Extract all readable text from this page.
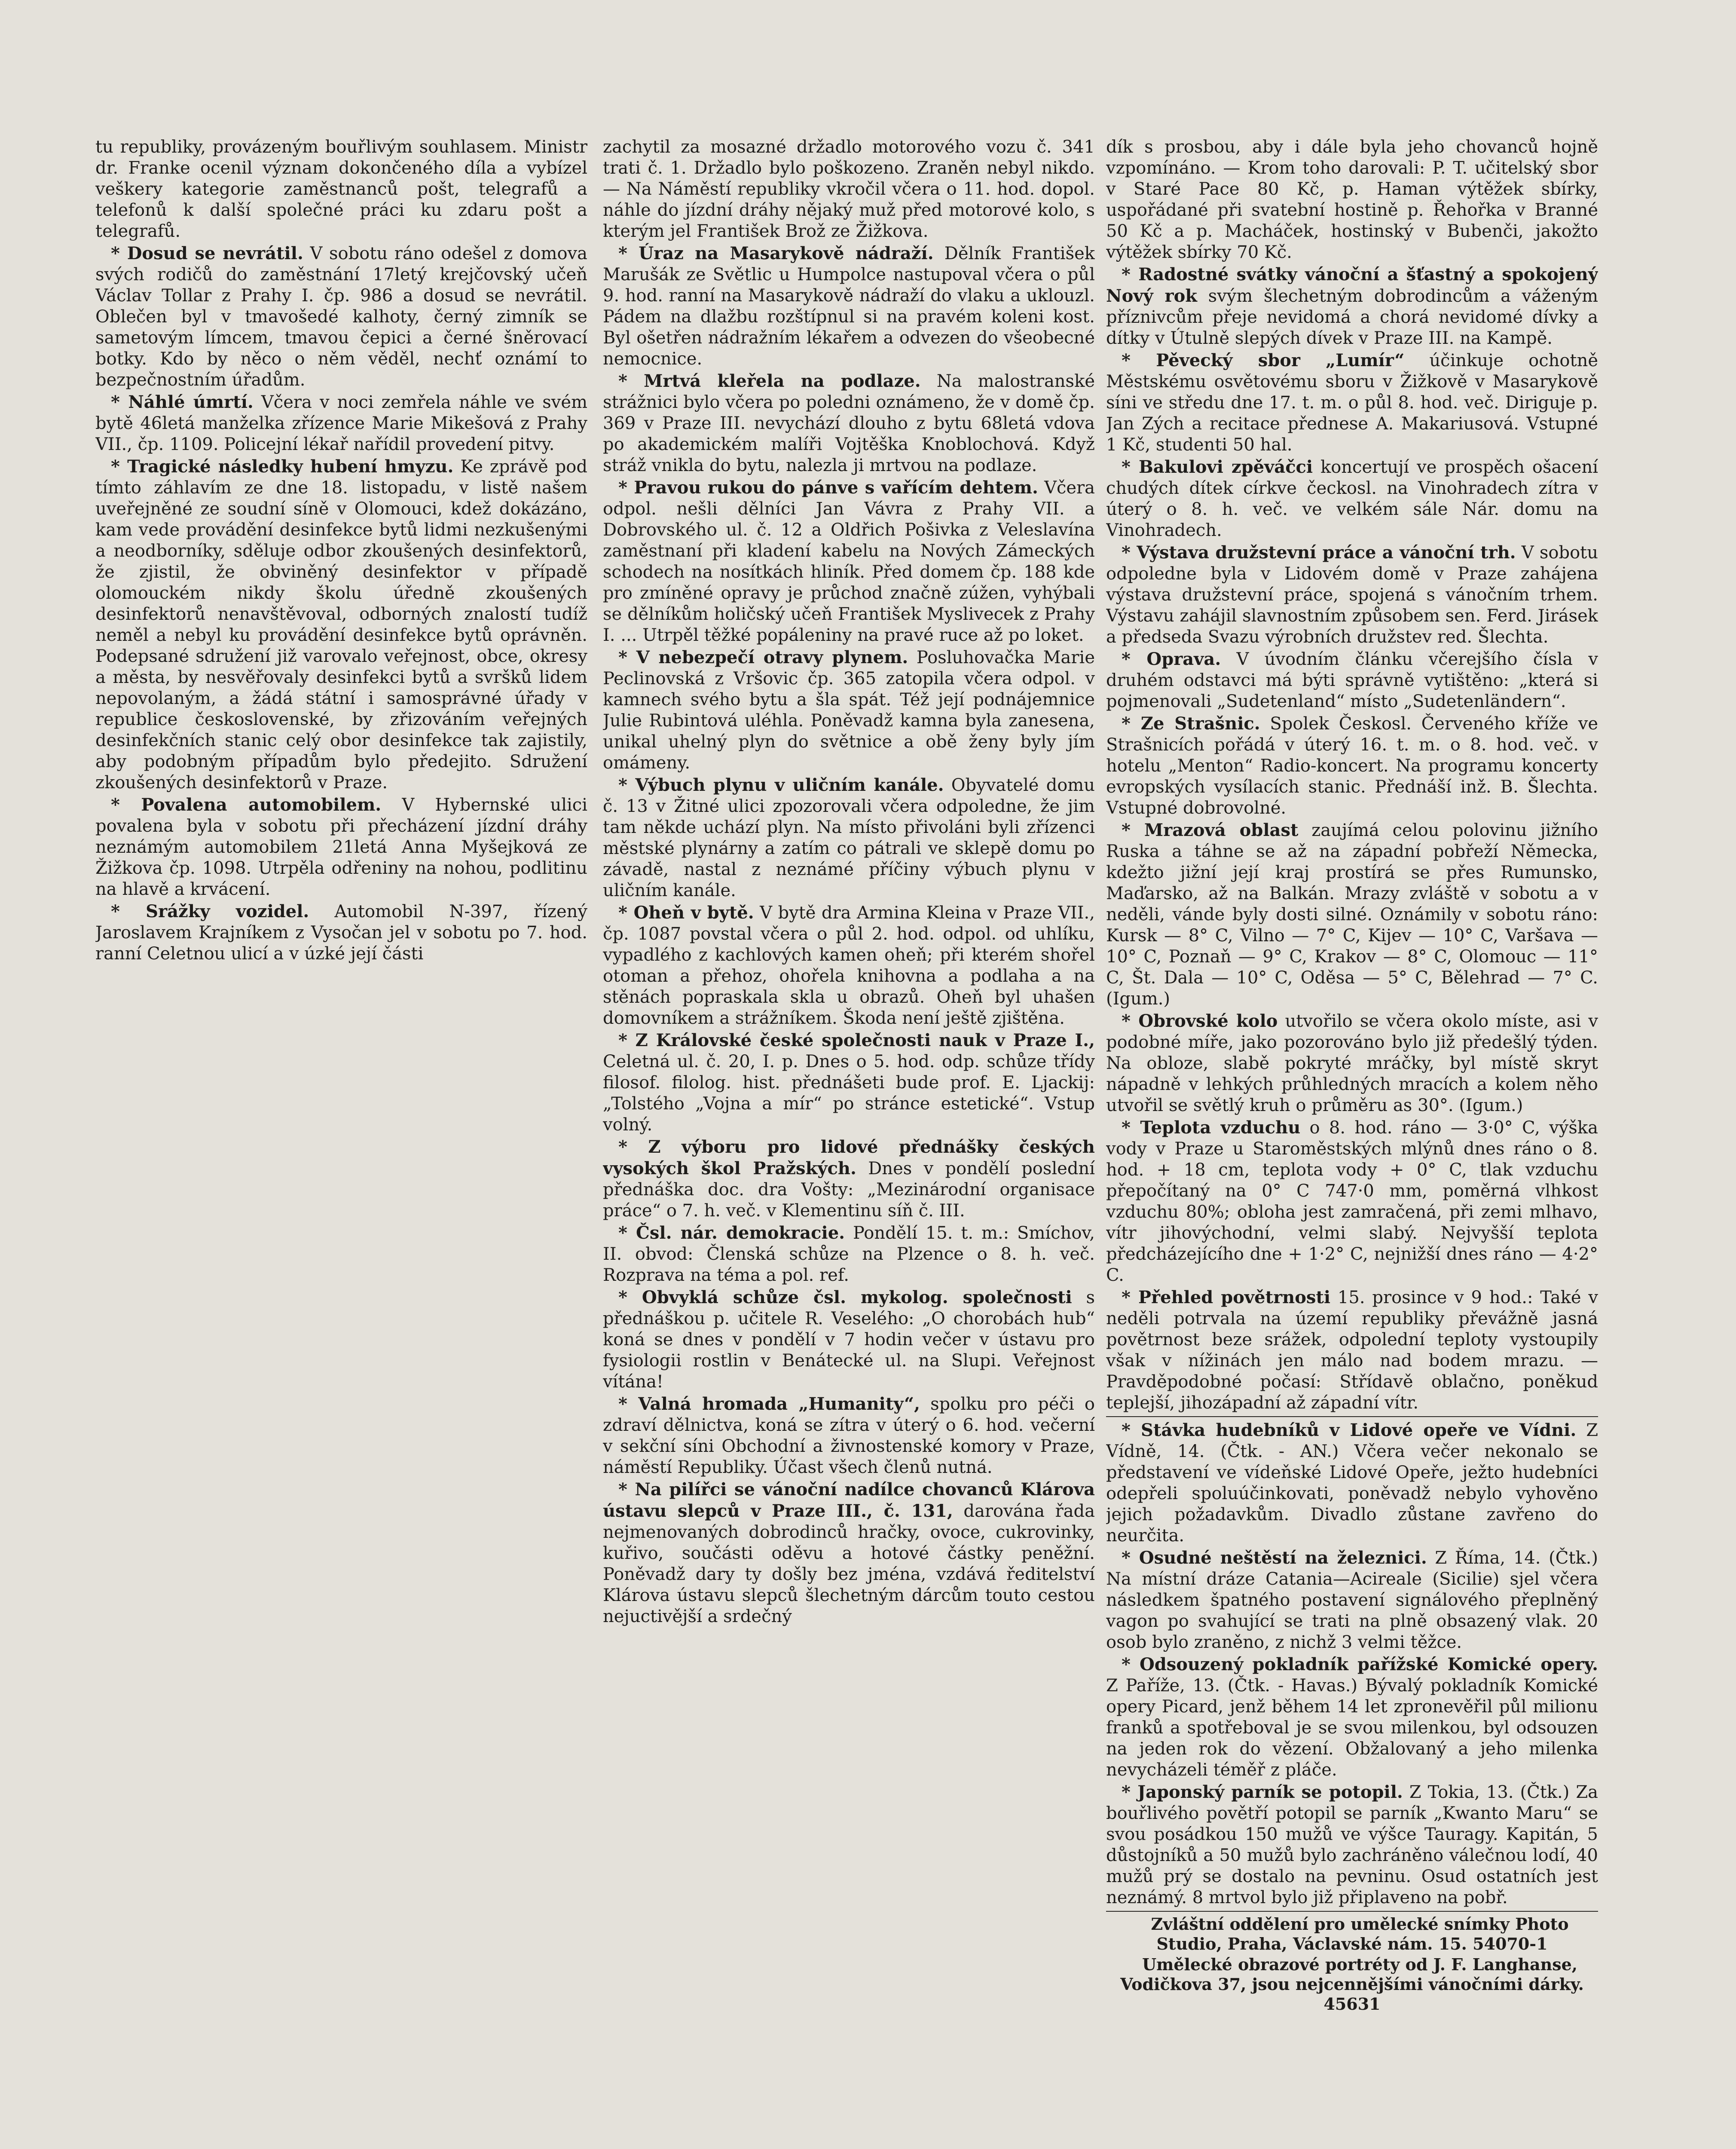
tu republiky, provázeným bouřlivým souhlasem. Ministr dr. Franke ocenil význam dokončeného díla a vybízel veškery kategorie zaměstnanců pošt, telegrafů a telefonů k další společné práci ku zdaru pošt a telegrafů.

* Dosud se nevrátil. V sobotu ráno odešel z domova svých rodičů do zaměstnání 17letý krejčovský učeň Václav Tollar z Prahy I. čp. 986 a dosud se nevrátil. Oblečen byl v tmavošedé kalhoty, černý zimník se sametovým límcem, tmavou čepici a černé šněrovací botky. Kdo by něco o něm věděl, nechť oznámí to bezpečnostním úřadům.

* Náhlé úmrtí. Včera v noci zemřela náhle ve svém bytě 46letá manželka zřízence Marie Mikešová z Prahy VII., čp. 1109. Policejní lékař nařídil provedení pitvy.

* Tragické následky hubení hmyzu. Ke zprávě pod tímto záhlavím ze dne 18. listopadu, v listě našem uveřejněné ze soudní síně v Olomouci, kdež dokázáno, kam vede provádění desinfekce bytů lidmi nezkušenými a neodborníky, sděluje odbor zkoušených desinfektorů, že zjistil, že obviněný desinfektor v případě olomouckém nikdy školu úředně zkoušených desinfektorů nenavštěvoval, odborných znalostí tudíž neměl a nebyl ku provádění desinfekce bytů oprávněn. Podepsané sdružení již varovalo veřejnost, obce, okresy a města, by nesvěřovaly desinfekci bytů a svršků lidem nepovolaným, a žádá státní i samosprávné úřady v republice československé, by zřizováním veřejných desinfekčních stanic celý obor desinfekce tak zajistily, aby podobným případům bylo předejito. Sdružení zkoušených desinfektorů v Praze.

* Povalena automobilem. V Hybernské ulici povalena byla v sobotu při přecházení jízdní dráhy neznámým automobilem 21letá Anna Myšejková ze Žižkova čp. 1098. Utrpěla odřeniny na nohou, podlitinu na hlavě a krvácení.

* Srážky vozidel. Automobil N-397, řízený Jaroslavem Krajníkem z Vysočan jel v sobotu po 7. hod. ranní Celetnou ulicí a v úzké její části

zachytil za mosazné držadlo motorového vozu č. 341 trati č. 1. Držadlo bylo poškozeno. Zraněn nebyl nikdo. — Na Náměstí republiky vkročil včera o 11. hod. dopol. náhle do jízdní dráhy nějaký muž před motorové kolo, s kterým jel František Brož ze Žižkova.

* Úraz na Masarykově nádraží. Dělník František Marušák ze Světlic u Humpolce nastupoval včera o půl 9. hod. ranní na Masarykově nádraží do vlaku a uklouzl. Pádem na dlažbu rozštípnul si na pravém koleni kost. Byl ošetřen nádražním lékařem a odvezen do všeobecné nemocnice.

* Mrtvá kleřela na podlaze. Na malostranské strážnici bylo včera po poledni oznámeno, že v domě čp. 369 v Praze III. nevychází dlouho z bytu 68letá vdova po akademickém malíři Vojtěška Knoblochová. Když stráž vnikla do bytu, nalezla ji mrtvou na podlaze.

* Pravou rukou do pánve s vařícím dehtem. Včera odpol. nešli dělníci Jan Vávra z Prahy VII. a Dobrovského ul. č. 12 a Oldřich Pošivka z Veleslavína zaměstnaní při kladení kabelu na Nových Zámeckých schodech na nosítkách hliník. Před domem čp. 188 kde pro zmíněné opravy je průchod značně zúžen, vyhýbali se dělníkům holičský učeň František Myslivecek z Prahy I. ... Utrpěl těžké popáleniny na pravé ruce až po loket.

* V nebezpečí otravy plynem. Posluhovačka Marie Peclinovská z Vršovic čp. 365 zatopila včera odpol. v kamnech svého bytu a šla spát. Též její podnájemnice Julie Rubintová uléhla. Poněvadž kamna byla zanesena, unikal uhelný plyn do světnice a obě ženy byly jím omámeny.

* Výbuch plynu v uličním kanále. Obyvatelé domu č. 13 v Žitné ulici zpozorovali včera odpoledne, že jim tam někde uchází plyn. Na místo přivoláni byli zřízenci městské plynárny a zatím co pátrali ve sklepě domu po závadě, nastal z neznámé příčiny výbuch plynu v uličním kanále.

* Oheň v bytě. V bytě dra Armina Kleina v Praze VII., čp. 1087 povstal včera o půl 2. hod. odpol. od uhlíku, vypadlého z kachlových kamen oheň; při kterém shořel otoman a přehoz, ohořela knihovna a podlaha a na stěnách popraskala skla u obrazů. Oheň byl uhašen domovníkem a strážníkem. Škoda není ještě zjištěna.

* Z Královské české společnosti nauk v Praze I., Celetná ul. č. 20, I. p. Dnes o 5. hod. odp. schůze třídy filosof. filolog. hist. přednášeti bude prof. E. Ljackij: „Tolstého „Vojna a mír“ po stránce estetické“. Vstup volný.

* Z výboru pro lidové přednášky českých vysokých škol Pražských. Dnes v pondělí poslední přednáška doc. dra Vošty: „Mezinárodní organisace práce“ o 7. h. več. v Klementinu síň č. III.

* Čsl. nár. demokracie. Pondělí 15. t. m.: Smíchov, II. obvod: Členská schůze na Plzence o 8. h. več. Rozprava na téma a pol. ref.

* Obvyklá schůze čsl. mykolog. společnosti s přednáškou p. učitele R. Veselého: „O chorobách hub“ koná se dnes v pondělí v 7 hodin večer v ústavu pro fysiologii rostlin v Benátecké ul. na Slupi. Veřejnost vítána!

* Valná hromada „Humanity“, spolku pro péči o zdraví dělnictva, koná se zítra v úterý o 6. hod. večerní v sekční síni Obchodní a živnostenské komory v Praze, náměstí Republiky. Účast všech členů nutná.

* Na pilířci se vánoční nadílce chovanců Klárova ústavu slepců v Praze III., č. 131, darována řada nejmenovaných dobrodinců hračky, ovoce, cukrovinky, kuřivo, součásti oděvu a hotové částky peněžní. Poněvadž dary ty došly bez jména, vzdává ředitelství Klárova ústavu slepců šlechetným dárcům touto cestou nejuctivější a srdečný

dík s prosbou, aby i dále byla jeho chovanců hojně vzpomínáno. — Krom toho darovali: P. T. učitelský sbor v Staré Pace 80 Kč, p. Haman výtěžek sbírky, uspořádané při svatební hostině p. Řehořka v Branné 50 Kč a p. Macháček, hostinský v Bubenči, jakožto výtěžek sbírky 70 Kč.

* Radostné svátky vánoční a šťastný a spokojený Nový rok svým šlechetným dobrodincům a váženým příznivcům přeje nevidomá a chorá nevidomé dívky a dítky v Útulně slepých dívek v Praze III. na Kampě.

* Pěvecký sbor „Lumír“ účinkuje ochotně Městskému osvětovému sboru v Žižkově v Masarykově síni ve středu dne 17. t. m. o půl 8. hod. več. Diriguje p. Jan Zých a recitace přednese A. Makariusová. Vstupné 1 Kč, studenti 50 hal.

* Bakulovi zpěváčci koncertují ve prospěch ošacení chudých dítek církve čeckosl. na Vinohradech zítra v úterý o 8. h. več. ve velkém sále Nár. domu na Vinohradech.

* Výstava družstevní práce a vánoční trh. V sobotu odpoledne byla v Lidovém domě v Praze zahájena výstava družstevní práce, spojená s vánočním trhem. Výstavu zahájil slavnostním způsobem sen. Ferd. Jirásek a předseda Svazu výrobních družstev red. Šlechta.

* Oprava. V úvodním článku včerejšího čísla v druhém odstavci má býti správně vytištěno: „která si pojmenovali „Sudetenland“ místo „Sudetenländern“.

* Ze Strašnic. Spolek Českosl. Červeného kříže ve Strašnicích pořádá v úterý 16. t. m. o 8. hod. več. v hotelu „Menton“ Radio-koncert. Na programu koncerty evropských vysílacích stanic. Přednáší inž. B. Šlechta. Vstupné dobrovolné.

* Mrazová oblast zaujímá celou polovinu jižního Ruska a táhne se až na západní pobřeží Německa, kdežto jižní její kraj prostírá se přes Rumunsko, Maďarsko, až na Balkán. Mrazy zvláště v sobotu a v neděli, vánde byly dosti silné. Oznámily v sobotu ráno: Kursk — 8° C, Vilno — 7° C, Kijev — 10° C, Varšava — 10° C, Poznaň — 9° C, Krakov — 8° C, Olomouc — 11° C, Št. Dala — 10° C, Oděsa — 5° C, Bělehrad — 7° C. (Igum.)

* Obrovské kolo utvořilo se včera okolo míste, asi v podobné míře, jako pozorováno bylo již předešlý týden. Na obloze, slabě pokryté mráčky, byl místě skryt nápadně v lehkých průhledných mracích a kolem něho utvořil se světlý kruh o průměru as 30°. (Igum.)

* Teplota vzduchu o 8. hod. ráno — 3·0° C, výška vody v Praze u Staroměstských mlýnů dnes ráno o 8. hod. + 18 cm, teplota vody + 0° C, tlak vzduchu přepočítaný na 0° C 747·0 mm, poměrná vlhkost vzduchu 80%; obloha jest zamračená, při zemi mlhavo, vítr jihovýchodní, velmi slabý. Nejvyšší teplota předcházejícího dne + 1·2° C, nejnižší dnes ráno — 4·2° C.

* Přehled povětrnosti 15. prosince v 9 hod.: Také v neděli potrvala na území republiky převážně jasná povětrnost beze srážek, odpolední teploty vystoupily však v nížinách jen málo nad bodem mrazu. — Pravděpodobné počasí: Střídavě oblačno, poněkud teplejší, jihozápadní až západní vítr.

* Stávka hudebníků v Lidové opeře ve Vídni. Z Vídně, 14. (Čtk. - AN.) Včera večer nekonalo se představení ve vídeňské Lidové Opeře, ježto hudebníci odepřeli spoluúčinkovati, poněvadž nebylo vyhověno jejich požadavkům. Divadlo zůstane zavřeno do neurčita.

* Osudné neštěstí na železnici. Z Říma, 14. (Čtk.) Na místní dráze Catania—Acireale (Sicilie) sjel včera následkem špatného postavení signálového přeplněný vagon po svahující se trati na plně obsazený vlak. 20 osob bylo zraněno, z nichž 3 velmi těžce.

* Odsouzený pokladník pařížské Komické opery. Z Paříže, 13. (Čtk. - Havas.) Bývalý pokladník Komické opery Picard, jenž během 14 let zpronevěřil půl milionu franků a spotřeboval je se svou milenkou, byl odsouzen na jeden rok do vězení. Obžalovaný a jeho milenka nevycházeli téměř z pláče.

* Japonský parník se potopil. Z Tokia, 13. (Čtk.) Za bouřlivého povětří potopil se parník „Kwanto Maru“ se svou posádkou 150 mužů ve výšce Tauragy. Kapitán, 5 důstojníků a 50 mužů bylo zachráněno válečnou lodí, 40 mužů prý se dostalo na pevninu. Osud ostatních jest neznámý. 8 mrtvol bylo již připlaveno na pobř.

Zvláštní oddělení pro umělecké snímky Photo Studio, Praha, Václavské nám. 15. 54070-1

Umělecké obrazové portréty od J. F. Langhanse, Vodičkova 37, jsou nejcennějšími vánočními dárky. 45631
